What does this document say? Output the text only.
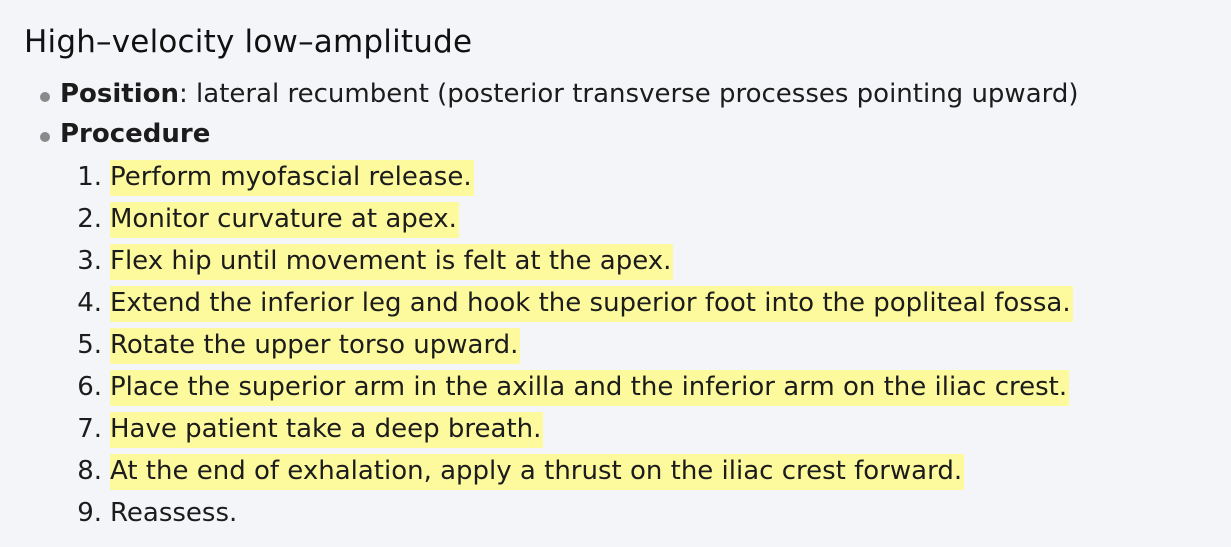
High–velocity low–amplitude
Position: lateral recumbent (posterior transverse processes pointing upward)
Procedure
1. Perform myofascial release.
2. Monitor curvature at apex.
3. Flex hip until movement is felt at the apex.
4. Extend the inferior leg and hook the superior foot into the popliteal fossa.
5. Rotate the upper torso upward.
6. Place the superior arm in the axilla and the inferior arm on the iliac crest.
7. Have patient take a deep breath.
8. At the end of exhalation, apply a thrust on the iliac crest forward.
9. Reassess.
